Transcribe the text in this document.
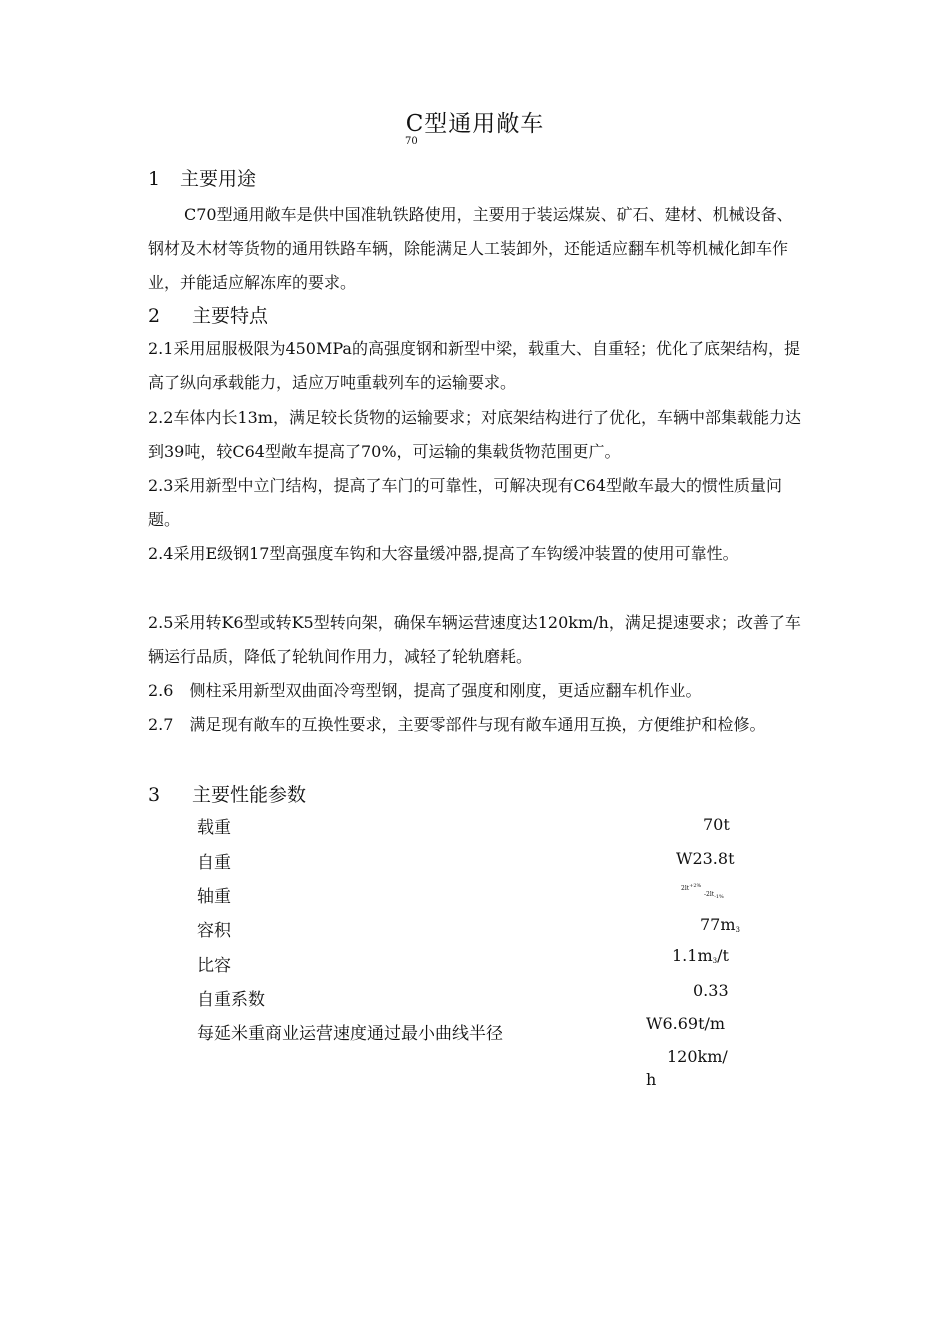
C型通用敞车
70
1 主要用途
C70型通用敞车是供中国准轨铁路使用，主要用于装运煤炭、矿石、建材、机械设备、钢材及木材等货物的通用铁路车辆，除能满足人工装卸外，还能适应翻车机等机械化卸车作业，并能适应解冻库的要求。
2 主要特点
2.1采用屈服极限为450MPa的高强度钢和新型中梁，载重大、自重轻；优化了底架结构，提高了纵向承载能力，适应万吨重载列车的运输要求。
2.2车体内长13m，满足较长货物的运输要求；对底架结构进行了优化，车辆中部集载能力达到39吨，较C64型敞车提高了70%，可运输的集载货物范围更广。
2.3采用新型中立门结构，提高了车门的可靠性，可解决现有C64型敞车最大的惯性质量问题。
2.4采用E级钢17型高强度车钩和大容量缓冲器,提高了车钩缓冲装置的使用可靠性。
2.5采用转K6型或转K5型转向架，确保车辆运营速度达120km/h，满足提速要求；改善了车辆运行品质，降低了轮轨间作用力，减轻了轮轨磨耗。
2.6　侧柱采用新型双曲面冷弯型钢，提高了强度和刚度，更适应翻车机作业。
2.7　满足现有敞车的互换性要求，主要零部件与现有敞车通用互换，方便维护和检修。
3 主要性能参数
载重
自重
轴重
容积
比容
自重系数
每延米重商业运营速度通过最小曲线半径
70t
W23.8t
$2lt^{+2\%}$
$-2lt_{-1\%}$
77m3
1.1m3/t
0.33
W6.69t/m
120km/
h
